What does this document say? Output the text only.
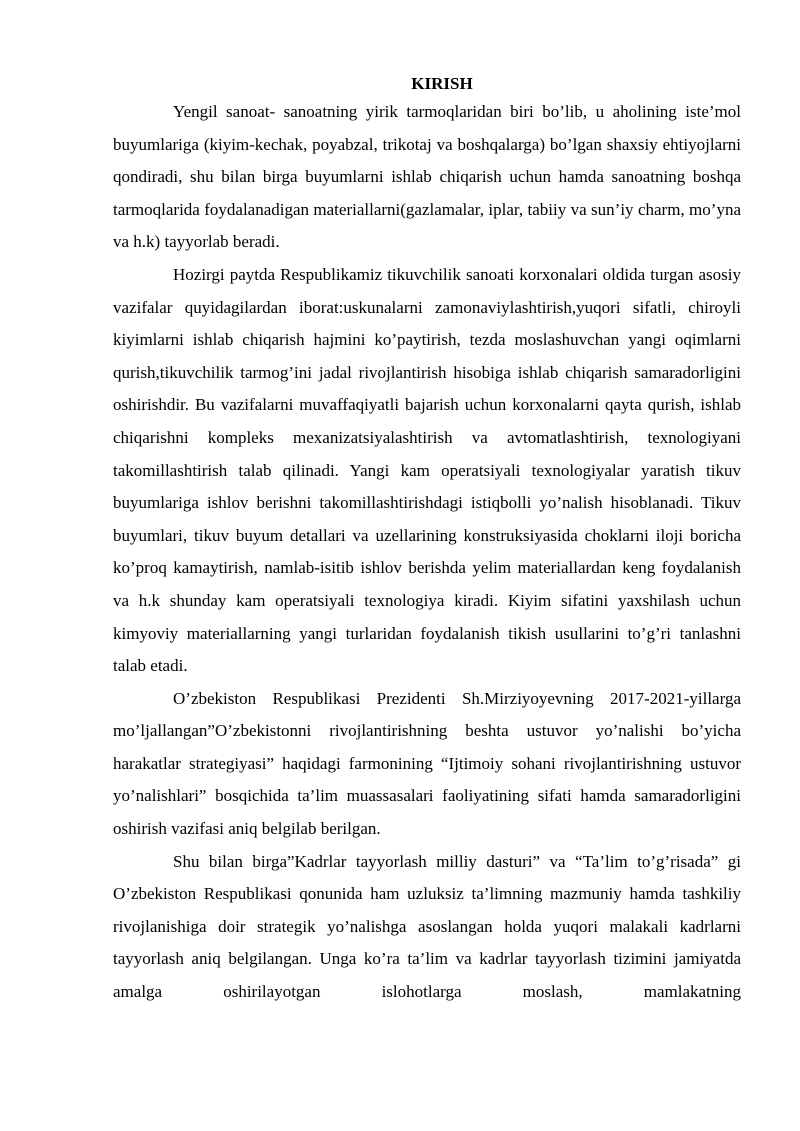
KIRISH

Yengil sanoat- sanoatning yirik tarmoqlaridan biri bo’lib, u aholining iste’mol buyumlariga (kiyim-kechak, poyabzal, trikotaj va boshqalarga) bo’lgan shaxsiy ehtiyojlarni qondiradi, shu bilan birga buyumlarni ishlab chiqarish uchun hamda sanoatning boshqa tarmoqlarida foydalanadigan materiallarni(gazlamalar, iplar, tabiiy va sun’iy charm, mo’yna va h.k) tayyorlab beradi.

Hozirgi paytda Respublikamiz tikuvchilik sanoati korxonalari oldida turgan asosiy vazifalar quyidagilardan iborat:uskunalarni zamonaviylashtirish,yuqori sifatli, chiroyli kiyimlarni ishlab chiqarish hajmini ko’paytirish, tezda moslashuvchan yangi oqimlarni qurish,tikuvchilik tarmog’ini jadal rivojlantirish hisobiga ishlab chiqarish samaradorligini oshirishdir. Bu vazifalarni muvaffaqiyatli bajarish uchun korxonalarni qayta qurish, ishlab chiqarishni kompleks mexanizatsiyalashtirish va avtomatlashtirish, texnologiyani takomillashtirish talab qilinadi. Yangi kam operatsiyali texnologiyalar yaratish tikuv buyumlariga ishlov berishni takomillashtirishdagi istiqbolli yo’nalish hisoblanadi. Tikuv buyumlari, tikuv buyum detallari va uzellarining konstruksiyasida choklarni iloji boricha ko’proq kamaytirish, namlab-isitib ishlov berishda yelim materiallardan keng foydalanish va h.k shunday kam operatsiyali texnologiya kiradi. Kiyim sifatini yaxshilash uchun kimyoviy materiallarning yangi turlaridan foydalanish tikish usullarini to’g’ri tanlashni talab etadi.

O’zbekiston Respublikasi Prezidenti Sh.Mirziyoyevning 2017-2021-yillarga mo’ljallangan”O’zbekistonni rivojlantirishning beshta ustuvor yo’nalishi bo’yicha harakatlar strategiyasi” haqidagi farmonining “Ijtimoiy sohani rivojlantirishning ustuvor yo’nalishlari” bosqichida ta’lim muassasalari faoliyatining sifati hamda samaradorligini oshirish vazifasi aniq belgilab berilgan.

Shu bilan birga”Kadrlar tayyorlash milliy dasturi” va “Ta’lim to’g’risada” gi O’zbekiston Respublikasi qonunida ham uzluksiz ta’limning mazmuniy hamda tashkiliy rivojlanishiga doir strategik yo’nalishga asoslangan holda yuqori malakali kadrlarni tayyorlash aniq belgilangan. Unga ko’ra ta’lim va kadrlar tayyorlash tizimini jamiyatda amalga oshirilayotgan islohotlarga moslash, mamlakatning
